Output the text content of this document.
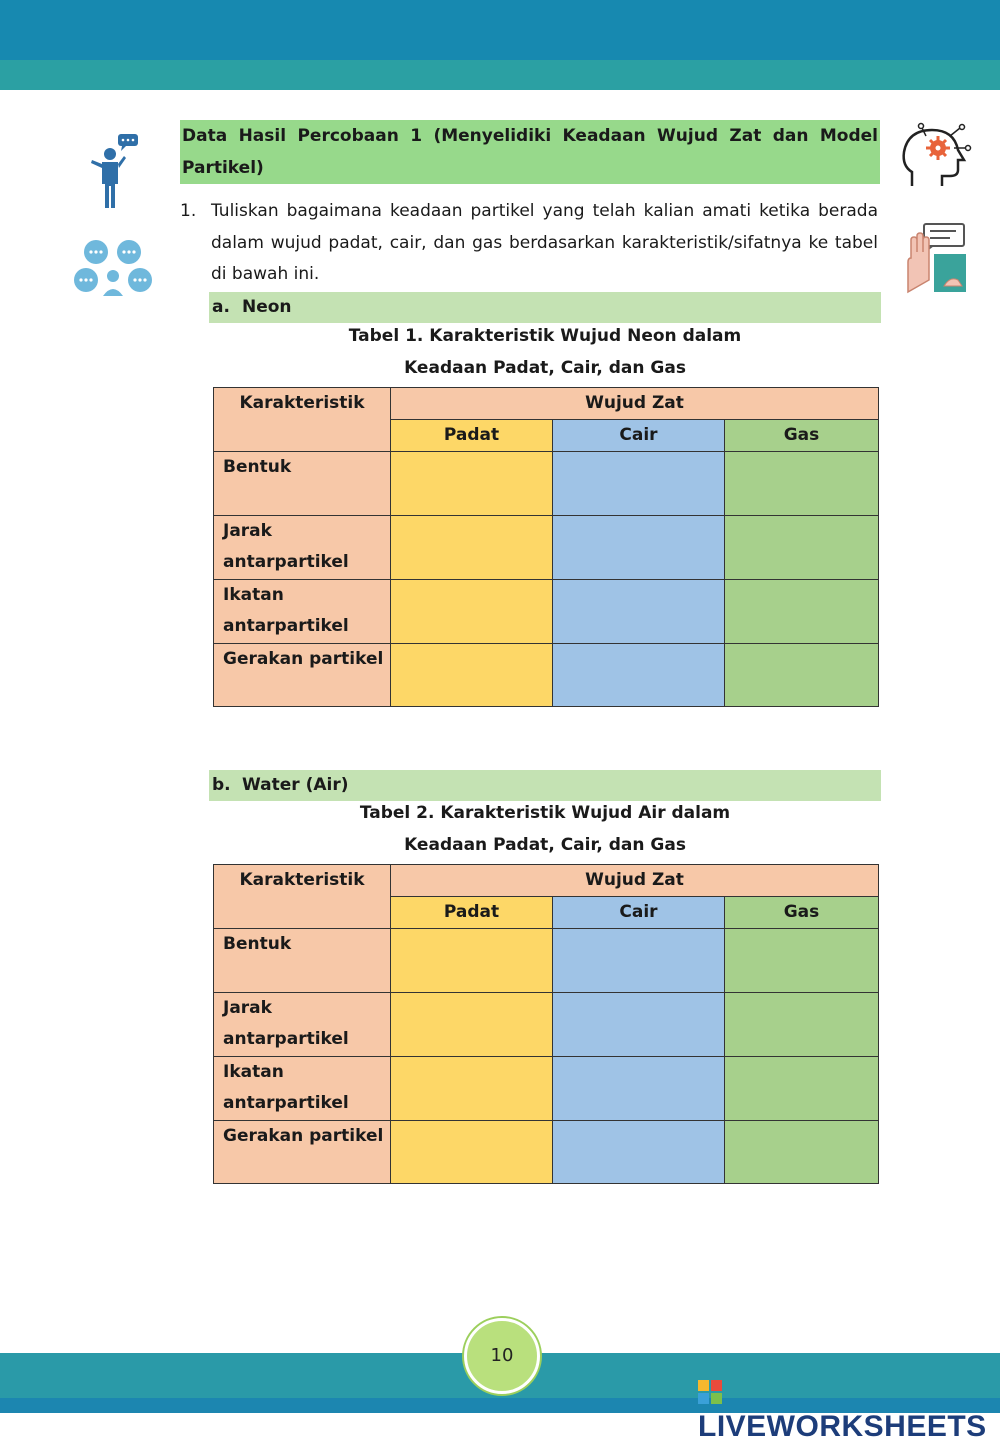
Data Hasil Percobaan 1 (Menyelidiki Keadaan Wujud Zat dan Model Partikel)
1. Tuliskan bagaimana keadaan partikel yang telah kalian amati ketika berada dalam wujud padat, cair, dan gas berdasarkan karakteristik/sifatnya ke tabel di bawah ini.
a. Neon
Tabel 1. Karakteristik Wujud Neon dalam
Keadaan Padat, Cair, dan Gas
Karakteristik	Wujud Zat		
	Padat	Cair	Gas

Bentuk			

Jarak
antarpartikel			

Ikatan
antarpartikel			

Gerakan partikel			

b. Water (Air)
Tabel 2. Karakteristik Wujud Air dalam
Keadaan Padat, Cair, dan Gas
Karakteristik	Wujud Zat		
	Padat	Cair	Gas

Bentuk			

Jarak
antarpartikel			

Ikatan
antarpartikel			

Gerakan partikel			

10
LIVEWORKSHEETS
